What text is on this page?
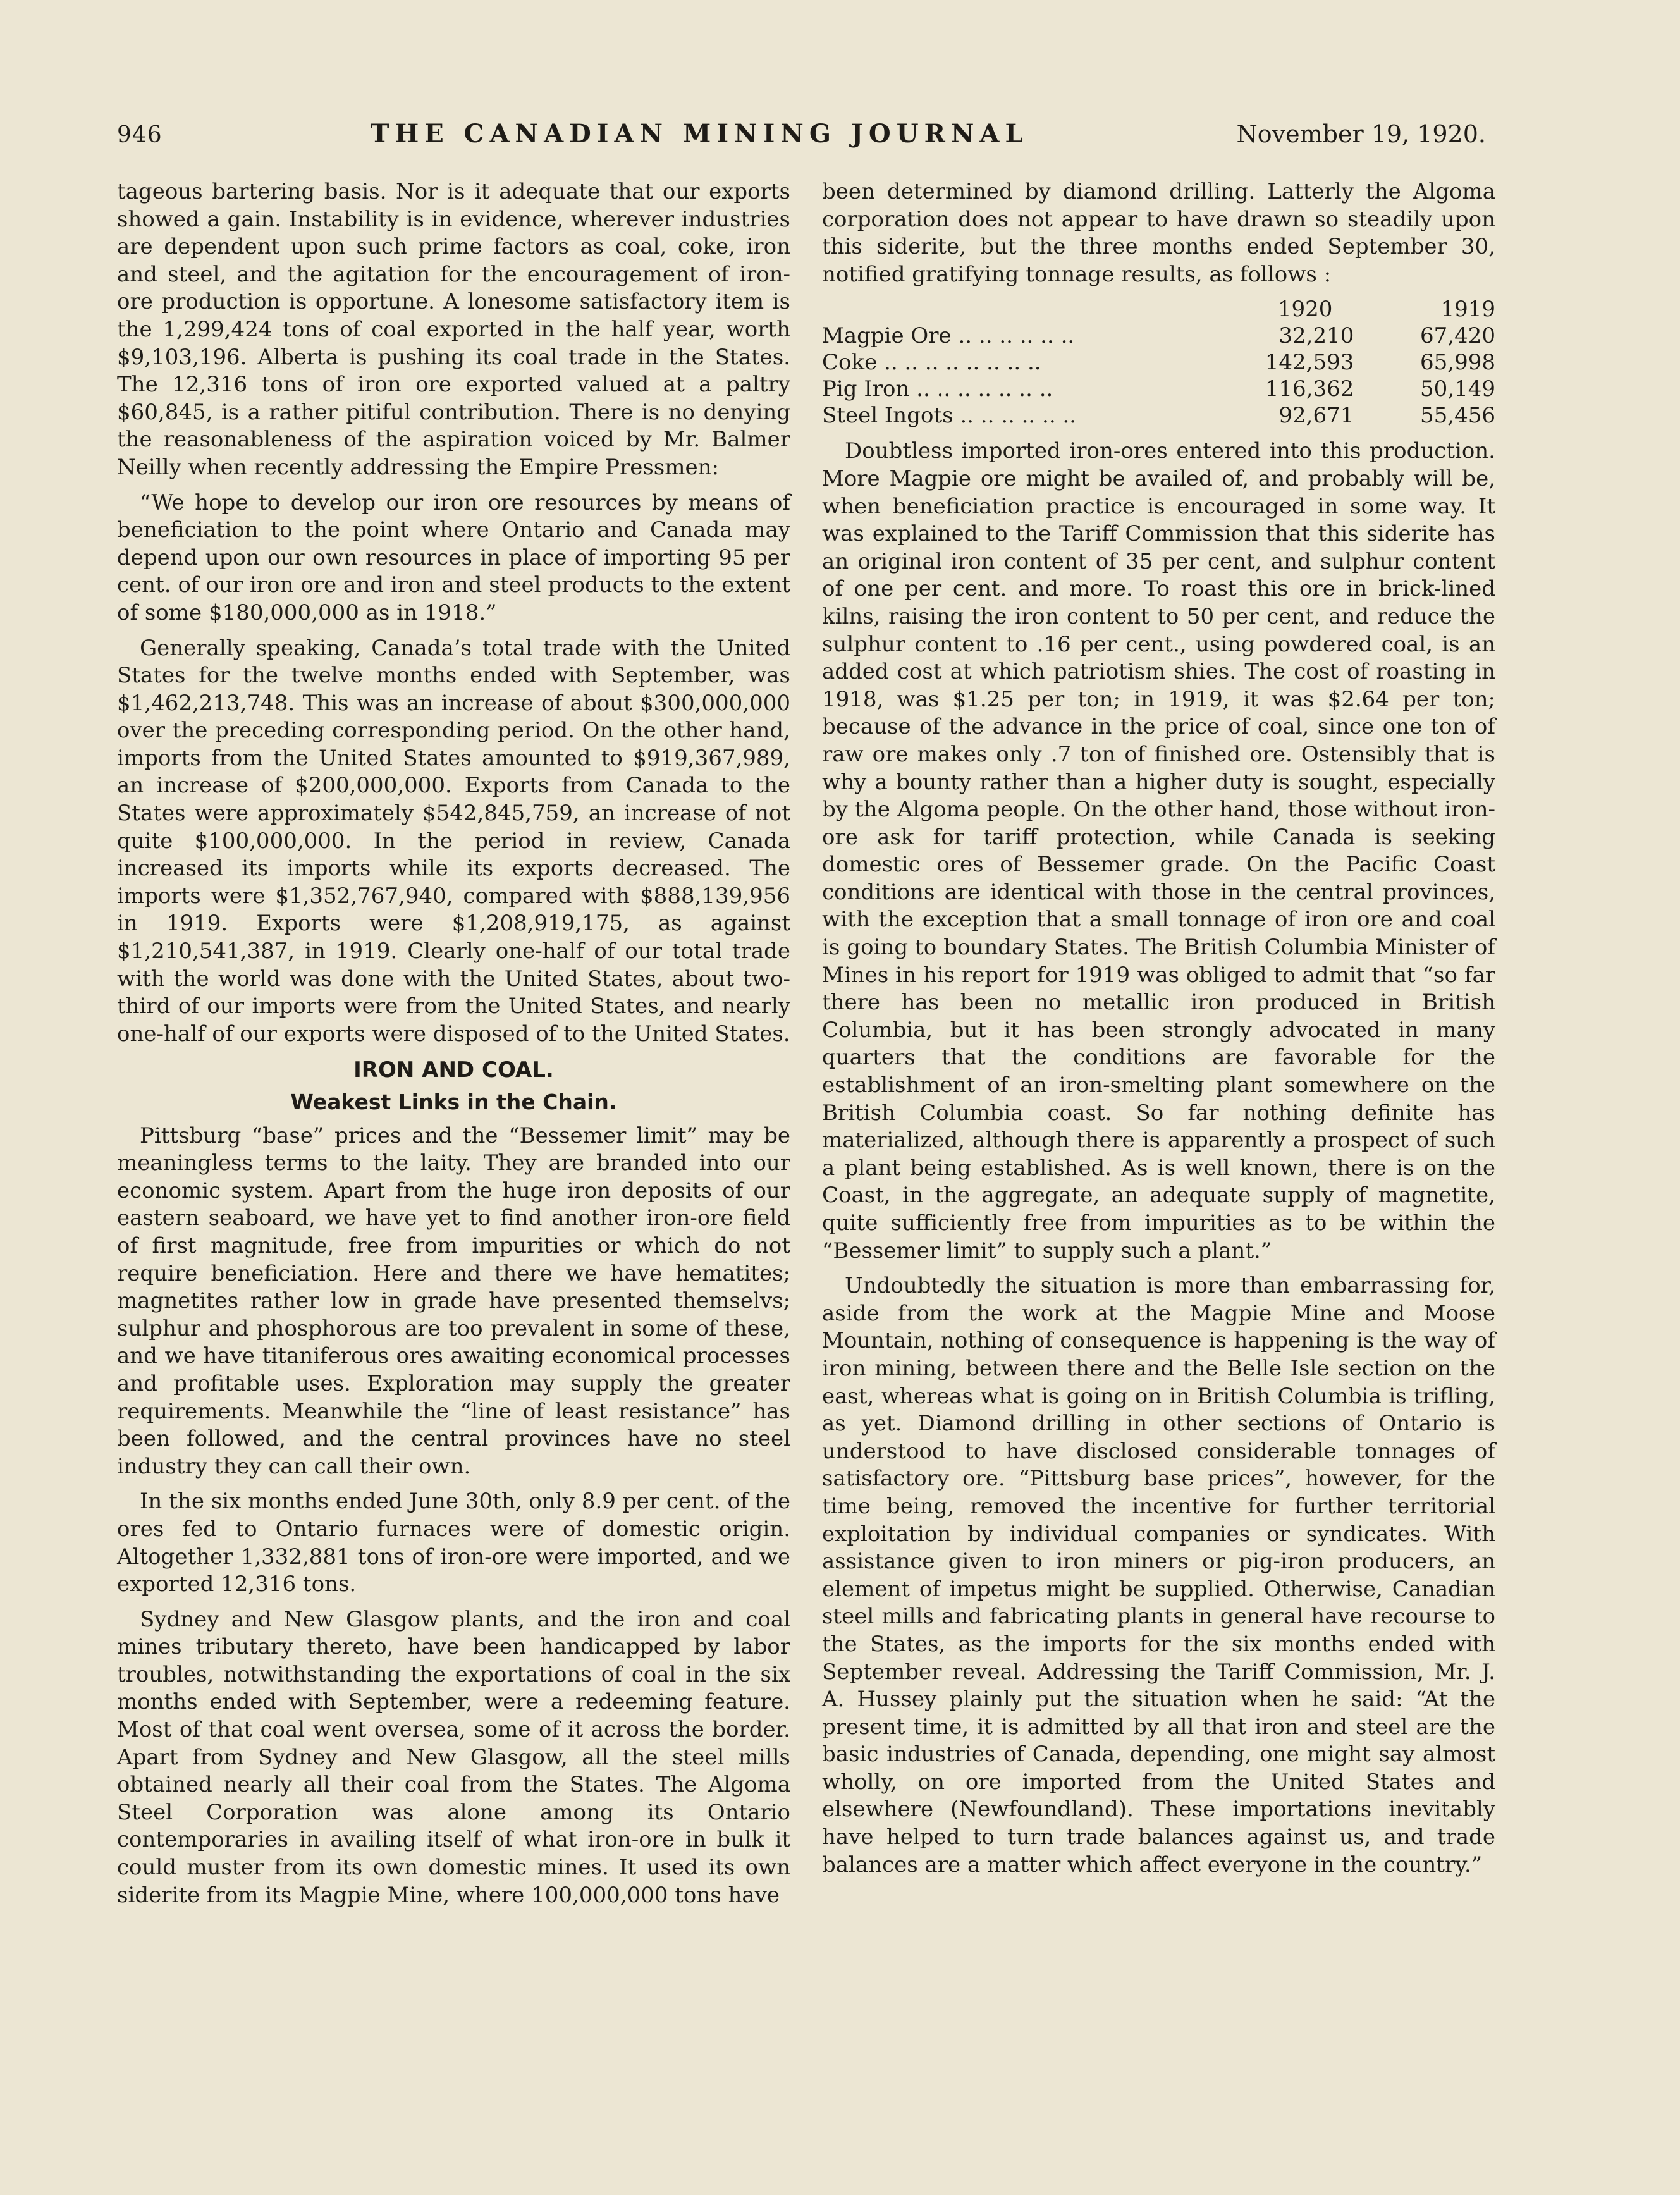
946	THE CANADIAN MINING JOURNAL	November 19, 1920.

tageous bartering basis. Nor is it adequate that our exports showed a gain. Instability is in evidence, wherever industries are dependent upon such prime factors as coal, coke, iron and steel, and the agitation for the encouragement of iron-ore production is opportune. A lonesome satisfactory item is the 1,299,424 tons of coal exported in the half year, worth $9,103,196. Alberta is pushing its coal trade in the States. The 12,316 tons of iron ore exported valued at a paltry $60,845, is a rather pitiful contribution. There is no denying the reasonableness of the aspiration voiced by Mr. Balmer Neilly when recently addressing the Empire Pressmen:

“We hope to develop our iron ore resources by means of beneficiation to the point where Ontario and Canada may depend upon our own resources in place of importing 95 per cent. of our iron ore and iron and steel products to the extent of some $180,000,000 as in 1918.”

Generally speaking, Canada’s total trade with the United States for the twelve months ended with September, was $1,462,213,748. This was an increase of about $300,000,000 over the preceding corresponding period. On the other hand, imports from the United States amounted to $919,367,989, an increase of $200,000,000. Exports from Canada to the States were approximately $542,845,759, an increase of not quite $100,000,000. In the period in review, Canada increased its imports while its exports decreased. The imports were $1,352,767,940, compared with $888,139,956 in 1919. Exports were $1,208,919,175, as against $1,210,541,387, in 1919. Clearly one-half of our total trade with the world was done with the United States, about two-third of our imports were from the United States, and nearly one-half of our exports were disposed of to the United States.

IRON AND COAL.
Weakest Links in the Chain.

Pittsburg “base” prices and the “Bessemer limit” may be meaningless terms to the laity. They are branded into our economic system. Apart from the huge iron deposits of our eastern seaboard, we have yet to find another iron-ore field of first magnitude, free from impurities or which do not require beneficiation. Here and there we have hematites; magnetites rather low in grade have presented themselvs; sulphur and phosphorous are too prevalent in some of these, and we have titaniferous ores awaiting economical processes and profitable uses. Exploration may supply the greater requirements. Meanwhile the “line of least resistance” has been followed, and the central provinces have no steel industry they can call their own.

In the six months ended June 30th, only 8.9 per cent. of the ores fed to Ontario furnaces were of domestic origin. Altogether 1,332,881 tons of iron-ore were imported, and we exported 12,316 tons.

Sydney and New Glasgow plants, and the iron and coal mines tributary thereto, have been handicapped by labor troubles, notwithstanding the exportations of coal in the six months ended with September, were a redeeming feature. Most of that coal went oversea, some of it across the border. Apart from Sydney and New Glasgow, all the steel mills obtained nearly all their coal from the States. The Algoma Steel Corporation was alone among its Ontario contemporaries in availing itself of what iron-ore in bulk it could muster from its own domestic mines. It used its own siderite from its Magpie Mine, where 100,000,000 tons have

been determined by diamond drilling. Latterly the Algoma corporation does not appear to have drawn so steadily upon this siderite, but the three months ended September 30, notified gratifying tonnage results, as follows :

	1920	1919
Magpie Ore .. .. .. .. .. ..	32,210	67,420
Coke .. .. .. .. .. .. .. ..	142,593	65,998
Pig Iron .. .. .. .. .. .. ..	116,362	50,149
Steel Ingots .. .. .. .. .. ..	92,671	55,456

Doubtless imported iron-ores entered into this production. More Magpie ore might be availed of, and probably will be, when beneficiation practice is encouraged in some way. It was explained to the Tariff Commission that this siderite has an original iron content of 35 per cent, and sulphur content of one per cent. and more. To roast this ore in brick-lined kilns, raising the iron content to 50 per cent, and reduce the sulphur content to .16 per cent., using powdered coal, is an added cost at which patriotism shies. The cost of roasting in 1918, was $1.25 per ton; in 1919, it was $2.64 per ton; because of the advance in the price of coal, since one ton of raw ore makes only .7 ton of finished ore. Ostensibly that is why a bounty rather than a higher duty is sought, especially by the Algoma people. On the other hand, those without iron-ore ask for tariff protection, while Canada is seeking domestic ores of Bessemer grade. On the Pacific Coast conditions are identical with those in the central provinces, with the exception that a small tonnage of iron ore and coal is going to boundary States. The British Columbia Minister of Mines in his report for 1919 was obliged to admit that “so far there has been no metallic iron produced in British Columbia, but it has been strongly advocated in many quarters that the conditions are favorable for the establishment of an iron-smelting plant somewhere on the British Columbia coast. So far nothing definite has materialized, although there is apparently a prospect of such a plant being established. As is well known, there is on the Coast, in the aggregate, an adequate supply of magnetite, quite sufficiently free from impurities as to be within the “Bessemer limit” to supply such a plant.”

Undoubtedly the situation is more than embarrassing for, aside from the work at the Magpie Mine and Moose Mountain, nothing of consequence is happening is the way of iron mining, between there and the Belle Isle section on the east, whereas what is going on in British Columbia is trifling, as yet. Diamond drilling in other sections of Ontario is understood to have disclosed considerable tonnages of satisfactory ore. “Pittsburg base prices”, however, for the time being, removed the incentive for further territorial exploitation by individual companies or syndicates. With assistance given to iron miners or pig-iron producers, an element of impetus might be supplied. Otherwise, Canadian steel mills and fabricating plants in general have recourse to the States, as the imports for the six months ended with September reveal. Addressing the Tariff Commission, Mr. J. A. Hussey plainly put the situation when he said: “At the present time, it is admitted by all that iron and steel are the basic industries of Canada, depending, one might say almost wholly, on ore imported from the United States and elsewhere (Newfoundland). These importations inevitably have helped to turn trade balances against us, and trade balances are a matter which affect everyone in the country.”
